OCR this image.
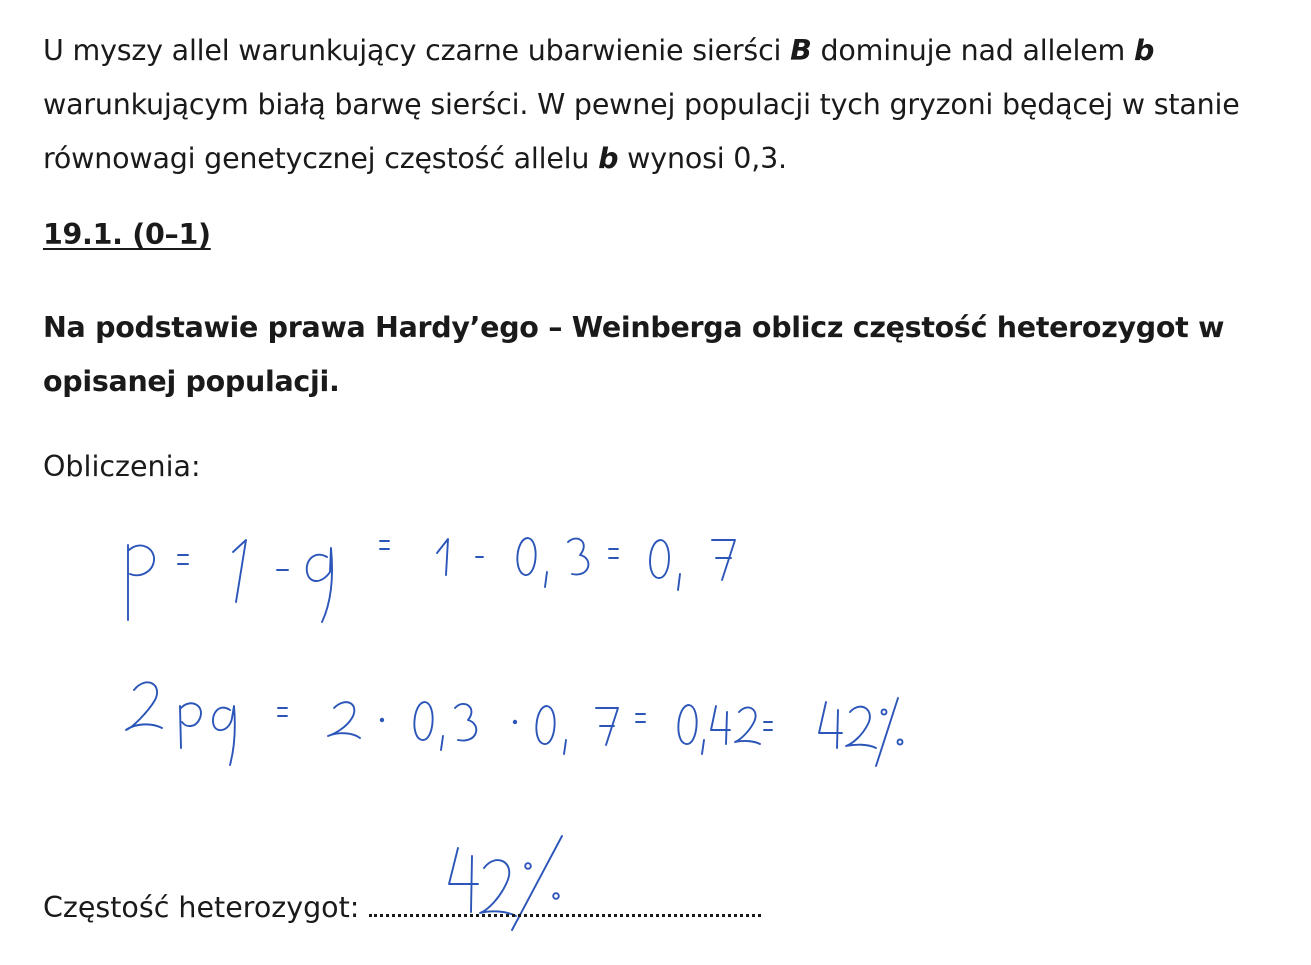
U myszy allel warunkujący czarne ubarwienie sierści B dominuje nad allelem b warunkującym białą barwę sierści. W pewnej populacji tych gryzoni będącej w stanie równowagi genetycznej częstość allelu b wynosi 0,3.
19.1. (0–1)
Na podstawie prawa Hardy’ego – Weinberga oblicz częstość heterozygot w opisanej populacji.
Obliczenia:
Częstość heterozygot:
